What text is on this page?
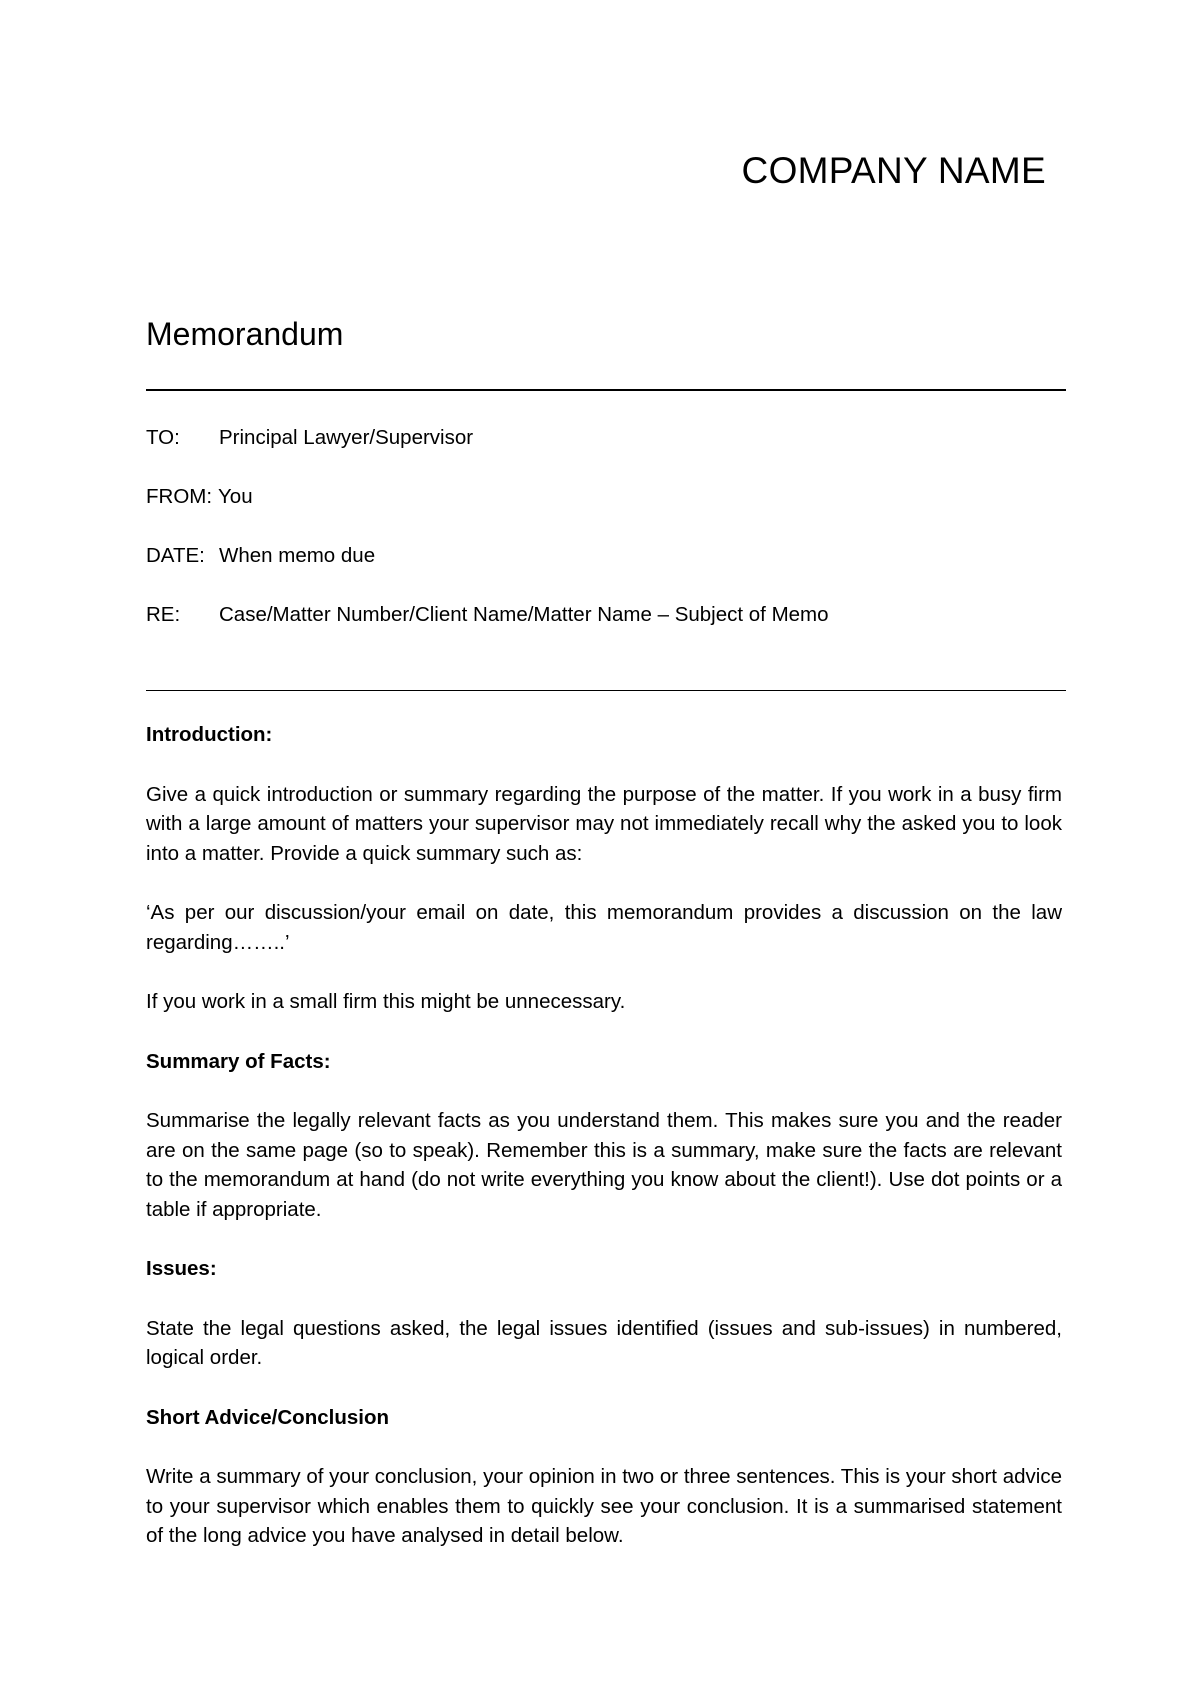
COMPANY NAME
Memorandum
TO: Principal Lawyer/Supervisor
FROM: You
DATE: When memo due
RE: Case/Matter Number/Client Name/Matter Name – Subject of Memo
Introduction:

Give a quick introduction or summary regarding the purpose of the matter. If you work in a busy firm with a large amount of matters your supervisor may not immediately recall why the asked you to look into a matter. Provide a quick summary such as:

‘As per our discussion/your email on date, this memorandum provides a discussion on the law regarding……..’

If you work in a small firm this might be unnecessary.

Summary of Facts:

Summarise the legally relevant facts as you understand them. This makes sure you and the reader are on the same page (so to speak). Remember this is a summary, make sure the facts are relevant to the memorandum at hand (do not write everything you know about the client!). Use dot points or a table if appropriate.

Issues:

State the legal questions asked, the legal issues identified (issues and sub-issues) in numbered, logical order.

Short Advice/Conclusion

Write a summary of your conclusion, your opinion in two or three sentences. This is your short advice to your supervisor which enables them to quickly see your conclusion. It is a summarised statement of the long advice you have analysed in detail below.
